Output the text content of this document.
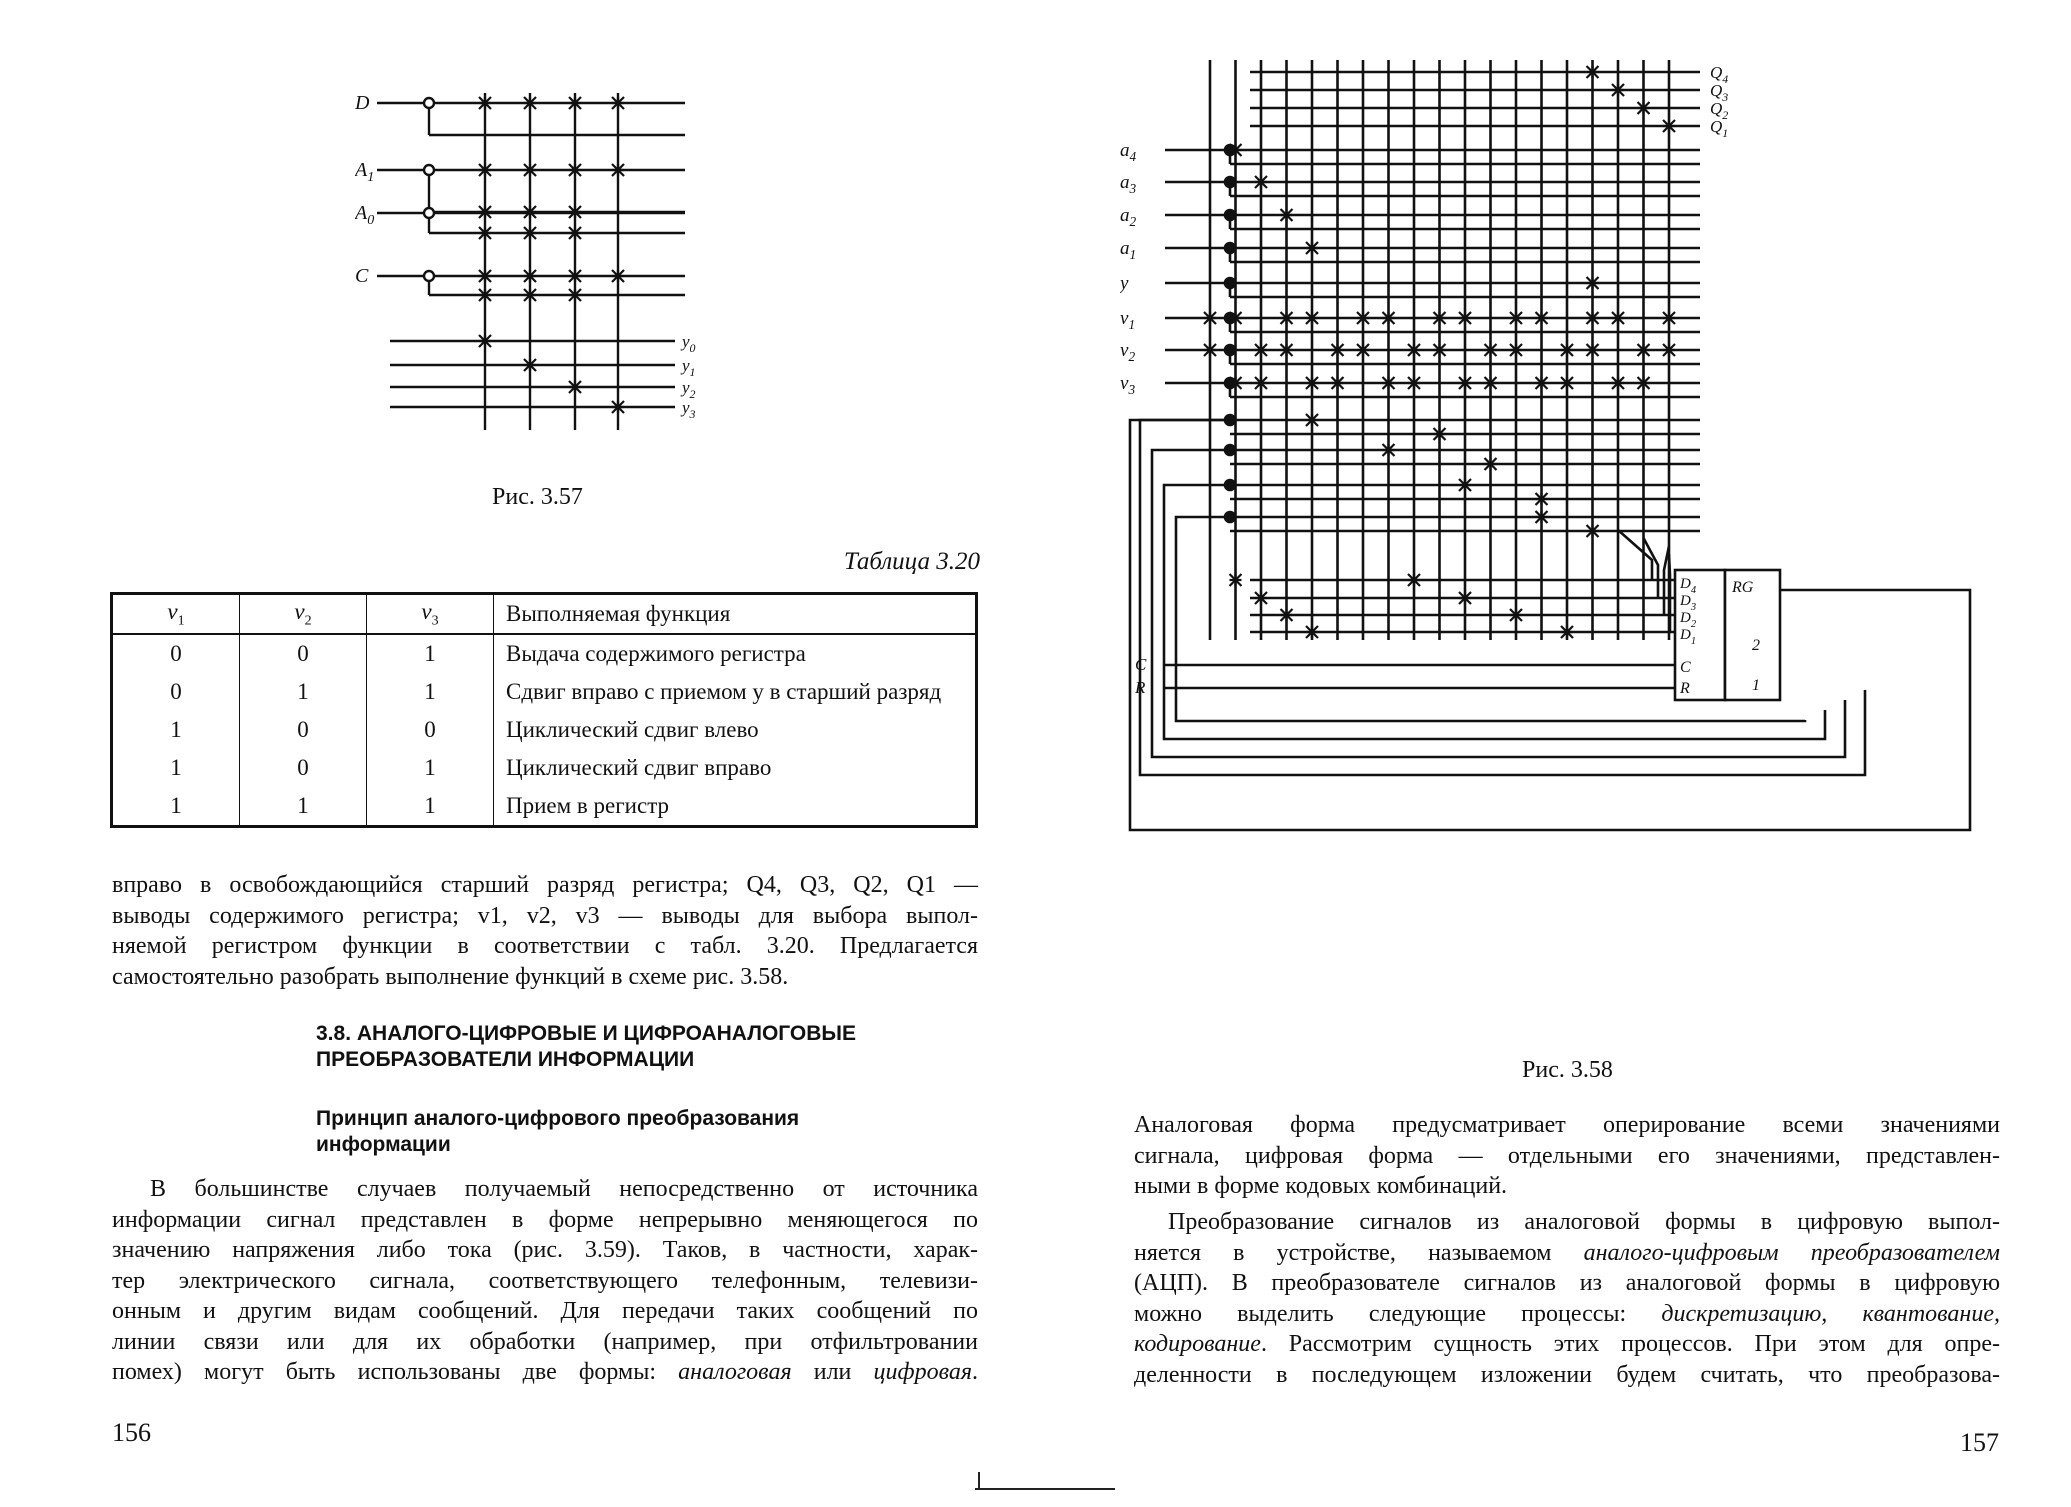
D
$A_1$
$A_0$
C
$y_0$
$y_1$
$y_2$
$y_3$
Рис. 3.57
Таблица 3.20
$v_1$	$v_2$	$v_3$	Выполняемая функция
0	0	1	Выдача содержимого регистра
0	1	1	Сдвиг вправо с приемом y в старший разряд
1	0	0	Циклический сдвиг влево
1	0	1	Циклический сдвиг вправо
1	1	1	Прием в регистр
вправо в освобождающийся старший разряд регистра; Q4, Q3, Q2, Q1 —
выводы содержимого регистра; v1, v2, v3 — выводы для выбора выпол-
няемой регистром функции в соответствии с табл. 3.20. Предлагается
самостоятельно разобрать выполнение функций в схеме рис. 3.58.
3.8. АНАЛОГО-ЦИФРОВЫЕ И ЦИФРОАНАЛОГОВЫЕ
ПРЕОБРАЗОВАТЕЛИ ИНФОРМАЦИИ
Принцип аналого-цифрового преобразования
информации
В большинстве случаев получаемый непосредственно от источника
информации сигнал представлен в форме непрерывно меняющегося по
значению напряжения либо тока (рис. 3.59). Таков, в частности, харак-
тер электрического сигнала, соответствующего телефонным, телевизи-
онным и другим видам сообщений. Для передачи таких сообщений по
линии связи или для их обработки (например, при отфильтровании
помех) могут быть использованы две формы: аналоговая или цифровая.
156
$Q_4$
$Q_3$
$Q_2$
$Q_1$
$a_4$
$a_3$
$a_2$
$a_1$
y
$v_1$
$v_2$
$v_3$
$D_4$
$D_3$
$D_2$
$D_1$
C
R
RG
2
1
C
R
Рис. 3.58
Аналоговая форма предусматривает оперирование всеми значениями
сигнала, цифровая форма — отдельными его значениями, представлен-
ными в форме кодовых комбинаций.
Преобразование сигналов из аналоговой формы в цифровую выпол-
няется в устройстве, называемом аналого-цифровым преобразователем
(АЦП). В преобразователе сигналов из аналоговой формы в цифровую
можно выделить следующие процессы: дискретизацию, квантование,
кодирование. Рассмотрим сущность этих процессов. При этом для опре-
деленности в последующем изложении будем считать, что преобразова-
157
